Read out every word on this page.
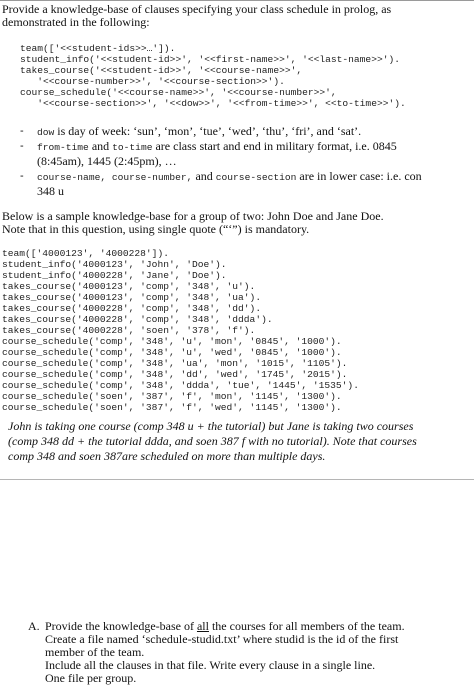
Provide a knowledge-base of clauses specifying your class schedule in prolog, as
demonstrated in the following:
team(['<<student-ids>>…']).
student_info('<<student-id>>', '<<first-name>>', '<<last-name>>').
takes_course('<<student-id>>', '<<course-name>>',
'<<course-number>>', '<<course-section>>').
course_schedule('<<course-name>>', '<<course-number>>',
'<<course-section>>', '<<dow>>', '<<from-time>>', <<to-time>>').
- dow is day of week: ‘sun’, ‘mon’, ‘tue’, ‘wed’, ‘thu’, ‘fri’, and ‘sat’.
- from-time and to-time are class start and end in military format, i.e. 0845
(8:45am), 1445 (2:45pm), …
- course-name, course-number, and course-section are in lower case: i.e. con
348 u
Below is a sample knowledge-base for a group of two: John Doe and Jane Doe.
Note that in this question, using single quote (“‘”) is mandatory.
team(['4000123', '4000228']).
student_info('4000123', 'John', 'Doe').
student_info('4000228', 'Jane', 'Doe').
takes_course('4000123', 'comp', '348', 'u').
takes_course('4000123', 'comp', '348', 'ua').
takes_course('4000228', 'comp', '348', 'dd').
takes_course('4000228', 'comp', '348', 'ddda').
takes_course('4000228', 'soen', '378', 'f').
course_schedule('comp', '348', 'u', 'mon', '0845', '1000').
course_schedule('comp', '348', 'u', 'wed', '0845', '1000').
course_schedule('comp', '348', 'ua', 'mon', '1015', '1105').
course_schedule('comp', '348', 'dd', 'wed', '1745', '2015').
course_schedule('comp', '348', 'ddda', 'tue', '1445', '1535').
course_schedule('soen', '387', 'f', 'mon', '1145', '1300').
course_schedule('soen', '387', 'f', 'wed', '1145', '1300').
John is taking one course (comp 348 u + the tutorial) but Jane is taking two courses
(comp 348 dd + the tutorial ddda, and soen 387 f with no tutorial). Note that courses
comp 348 and soen 387are scheduled on more than multiple days.
A. Provide the knowledge-base of all the courses for all members of the team.
Create a file named ‘schedule-studid.txt’ where studid is the id of the first
member of the team.
Include all the clauses in that file. Write every clause in a single line.
One file per group.
